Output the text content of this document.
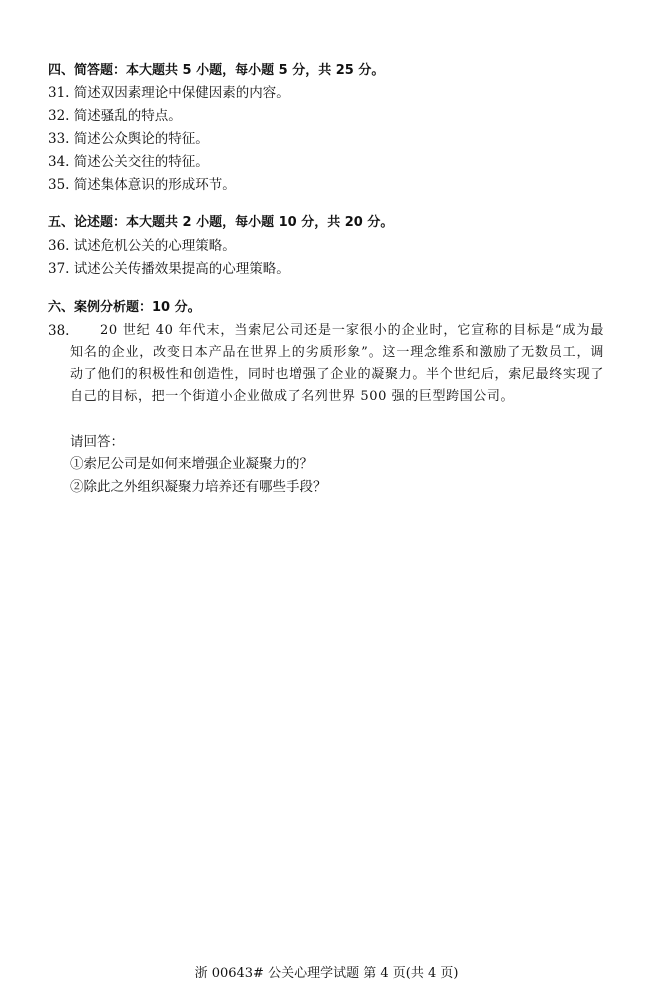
四、简答题：本大题共 5 小题，每小题 5 分，共 25 分。
31. 简述双因素理论中保健因素的内容。
32. 简述骚乱的特点。
33. 简述公众舆论的特征。
34. 简述公关交往的特征。
35. 简述集体意识的形成环节。
五、论述题：本大题共 2 小题，每小题 10 分，共 20 分。
36. 试述危机公关的心理策略。
37. 试述公关传播效果提高的心理策略。
六、案例分析题：10 分。
38.	20 世纪 40 年代末，当索尼公司还是一家很小的企业时，它宣称的目标是“成为最知名的企业，改变日本产品在世界上的劣质形象”。这一理念维系和激励了无数员工，调动了他们的积极性和创造性，同时也增强了企业的凝聚力。半个世纪后，索尼最终实现了自己的目标，把一个街道小企业做成了名列世界 500 强的巨型跨国公司。
请回答：
①索尼公司是如何来增强企业凝聚力的？
②除此之外组织凝聚力培养还有哪些手段？
浙 00643# 公关心理学试题 第 4 页(共 4 页)
